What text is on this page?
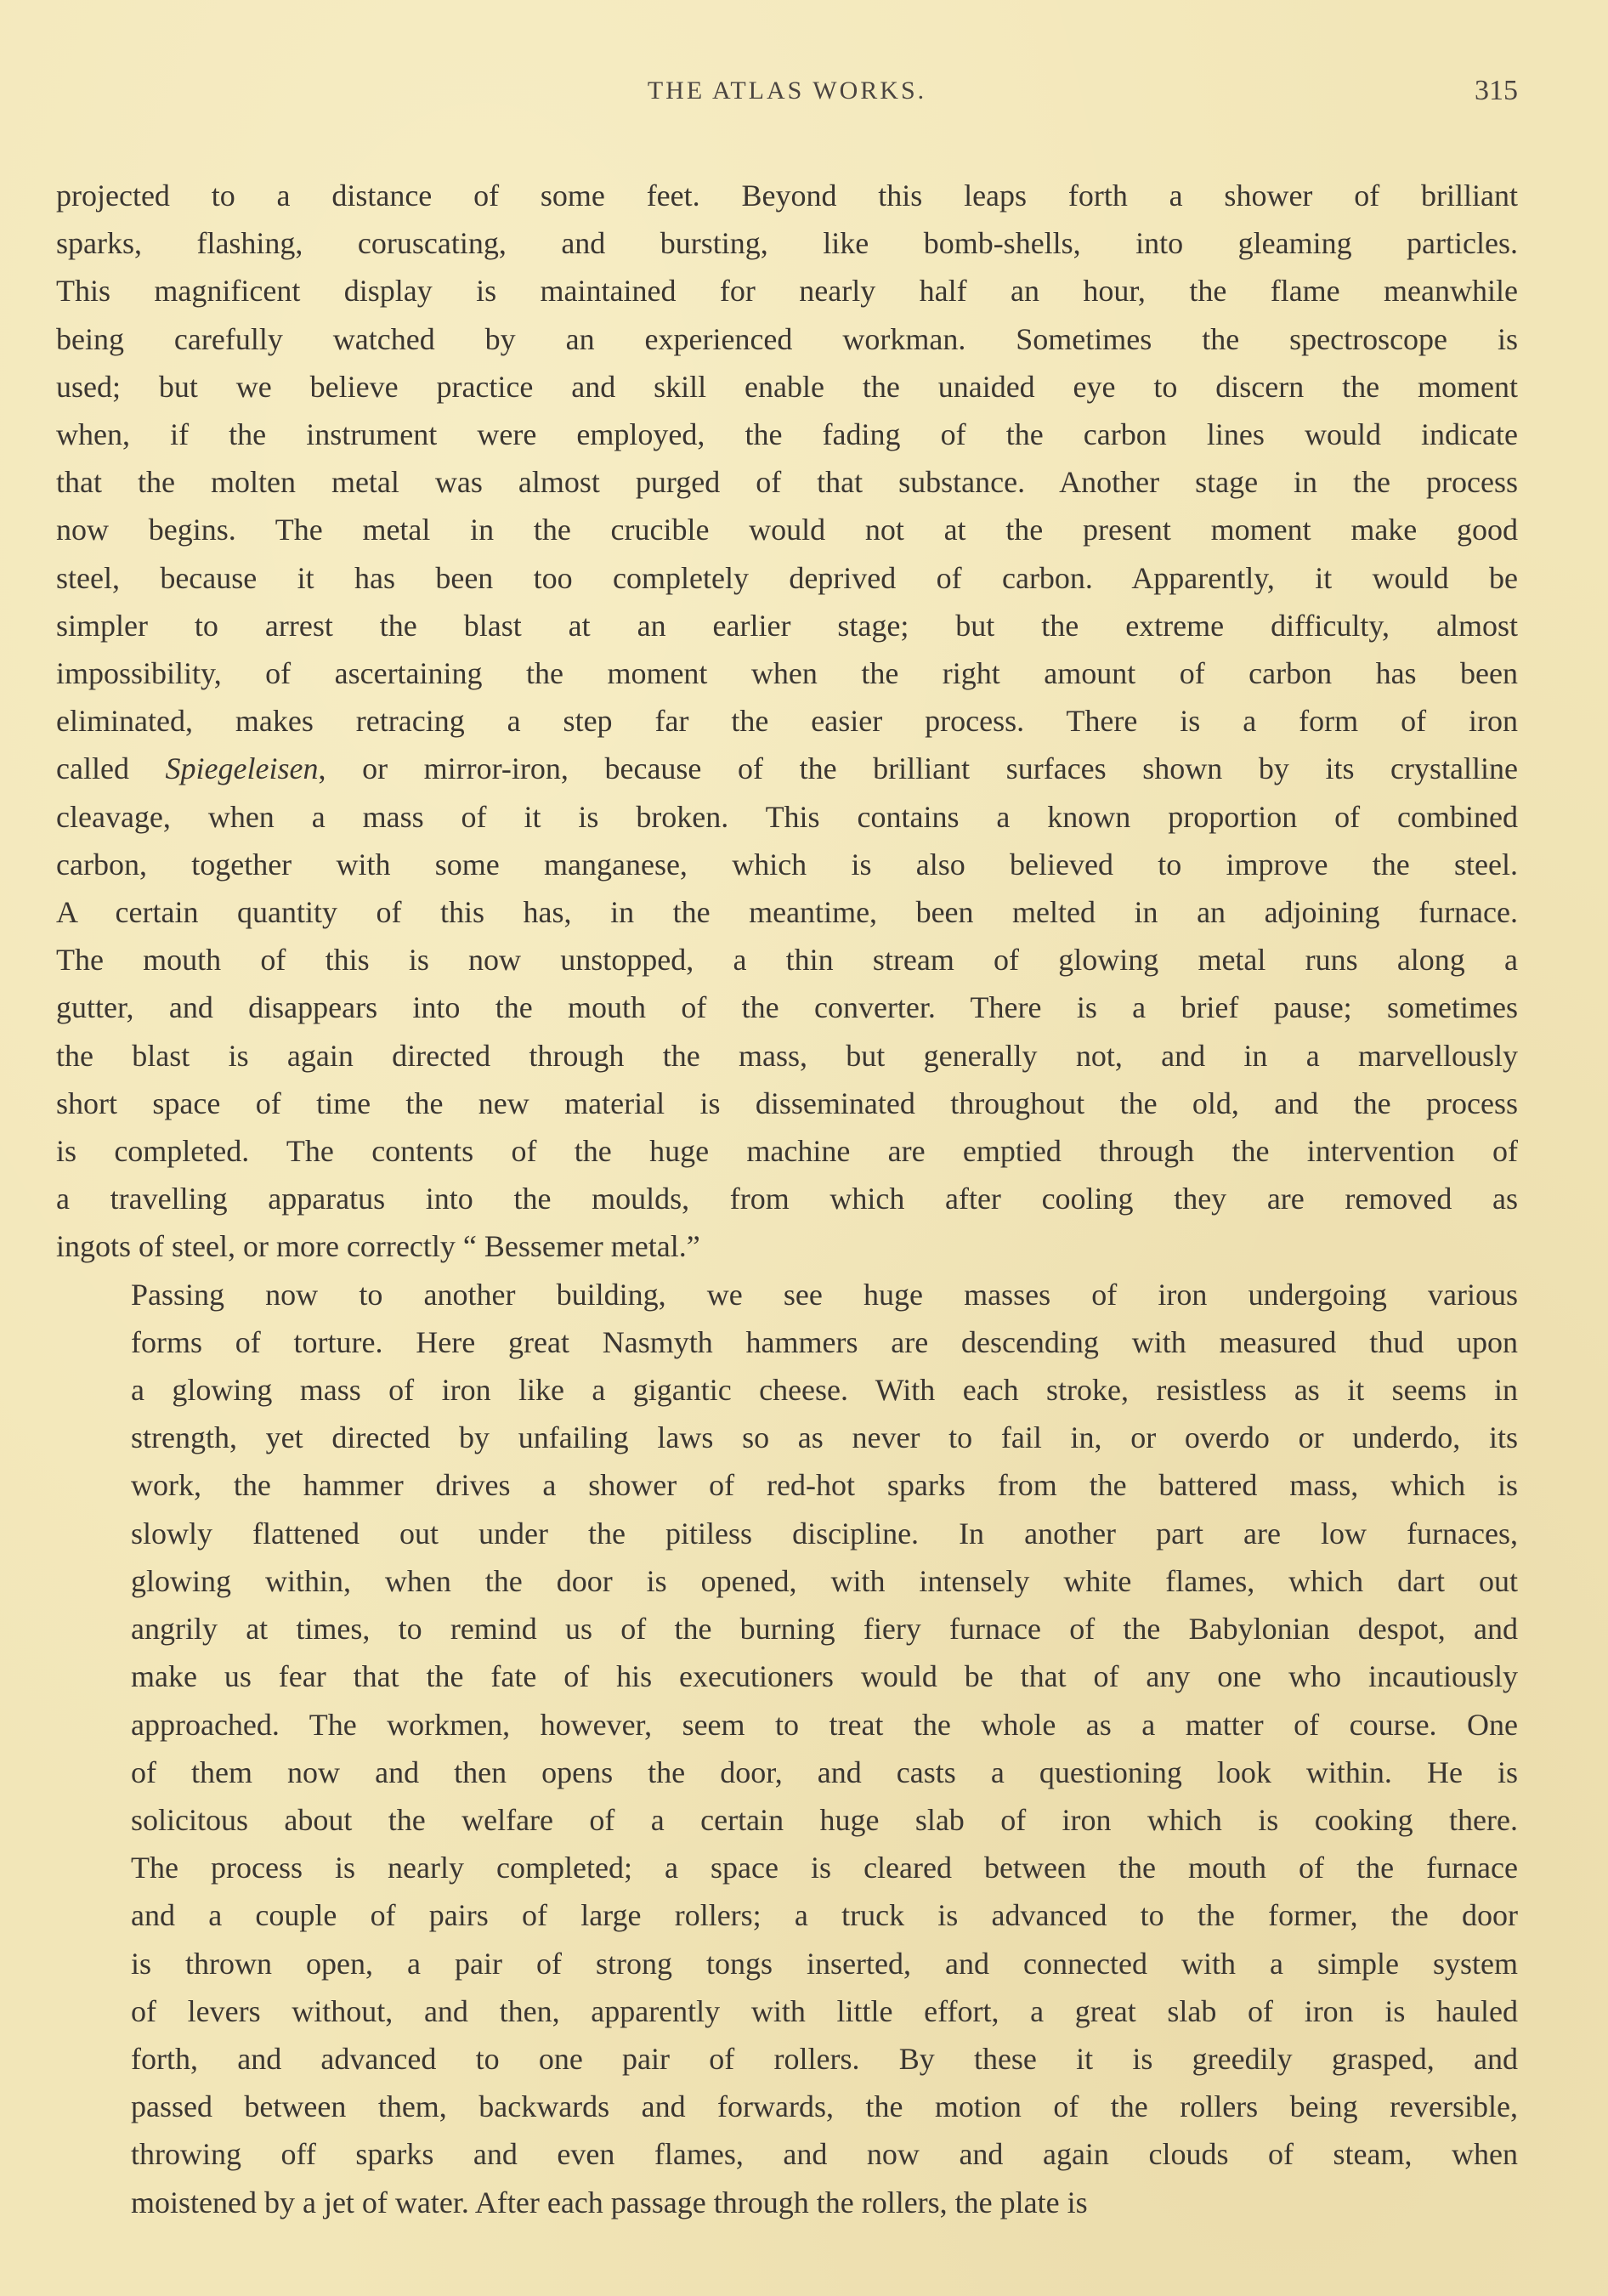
THE ATLAS WORKS.	315

projected to a distance of some feet. Beyond this leaps forth a shower of brilliant
sparks, flashing, coruscating, and bursting, like bomb-shells, into gleaming particles.
This magnificent display is maintained for nearly half an hour, the flame meanwhile
being carefully watched by an experienced workman. Sometimes the spectroscope is
used; but we believe practice and skill enable the unaided eye to discern the moment
when, if the instrument were employed, the fading of the carbon lines would indicate
that the molten metal was almost purged of that substance. Another stage in the process
now begins. The metal in the crucible would not at the present moment make good
steel, because it has been too completely deprived of carbon. Apparently, it would be
simpler to arrest the blast at an earlier stage; but the extreme difficulty, almost
impossibility, of ascertaining the moment when the right amount of carbon has been
eliminated, makes retracing a step far the easier process. There is a form of iron
called Spiegeleisen, or mirror-iron, because of the brilliant surfaces shown by its crystalline
cleavage, when a mass of it is broken. This contains a known proportion of combined
carbon, together with some manganese, which is also believed to improve the steel.
A certain quantity of this has, in the meantime, been melted in an adjoining furnace.
The mouth of this is now unstopped, a thin stream of glowing metal runs along a
gutter, and disappears into the mouth of the converter. There is a brief pause; sometimes
the blast is again directed through the mass, but generally not, and in a marvellously
short space of time the new material is disseminated throughout the old, and the process
is completed. The contents of the huge machine are emptied through the intervention of
a travelling apparatus into the moulds, from which after cooling they are removed as
ingots of steel, or more correctly “ Bessemer metal.”

Passing now to another building, we see huge masses of iron undergoing various
forms of torture. Here great Nasmyth hammers are descending with measured thud upon
a glowing mass of iron like a gigantic cheese. With each stroke, resistless as it seems in
strength, yet directed by unfailing laws so as never to fail in, or overdo or underdo, its
work, the hammer drives a shower of red-hot sparks from the battered mass, which is
slowly flattened out under the pitiless discipline. In another part are low furnaces,
glowing within, when the door is opened, with intensely white flames, which dart out
angrily at times, to remind us of the burning fiery furnace of the Babylonian despot, and
make us fear that the fate of his executioners would be that of any one who incautiously
approached. The workmen, however, seem to treat the whole as a matter of course. One
of them now and then opens the door, and casts a questioning look within. He is
solicitous about the welfare of a certain huge slab of iron which is cooking there.
The process is nearly completed; a space is cleared between the mouth of the furnace
and a couple of pairs of large rollers; a truck is advanced to the former, the door
is thrown open, a pair of strong tongs inserted, and connected with a simple system
of levers without, and then, apparently with little effort, a great slab of iron is hauled
forth, and advanced to one pair of rollers. By these it is greedily grasped, and
passed between them, backwards and forwards, the motion of the rollers being reversible,
throwing off sparks and even flames, and now and again clouds of steam, when
moistened by a jet of water. After each passage through the rollers, the plate is
